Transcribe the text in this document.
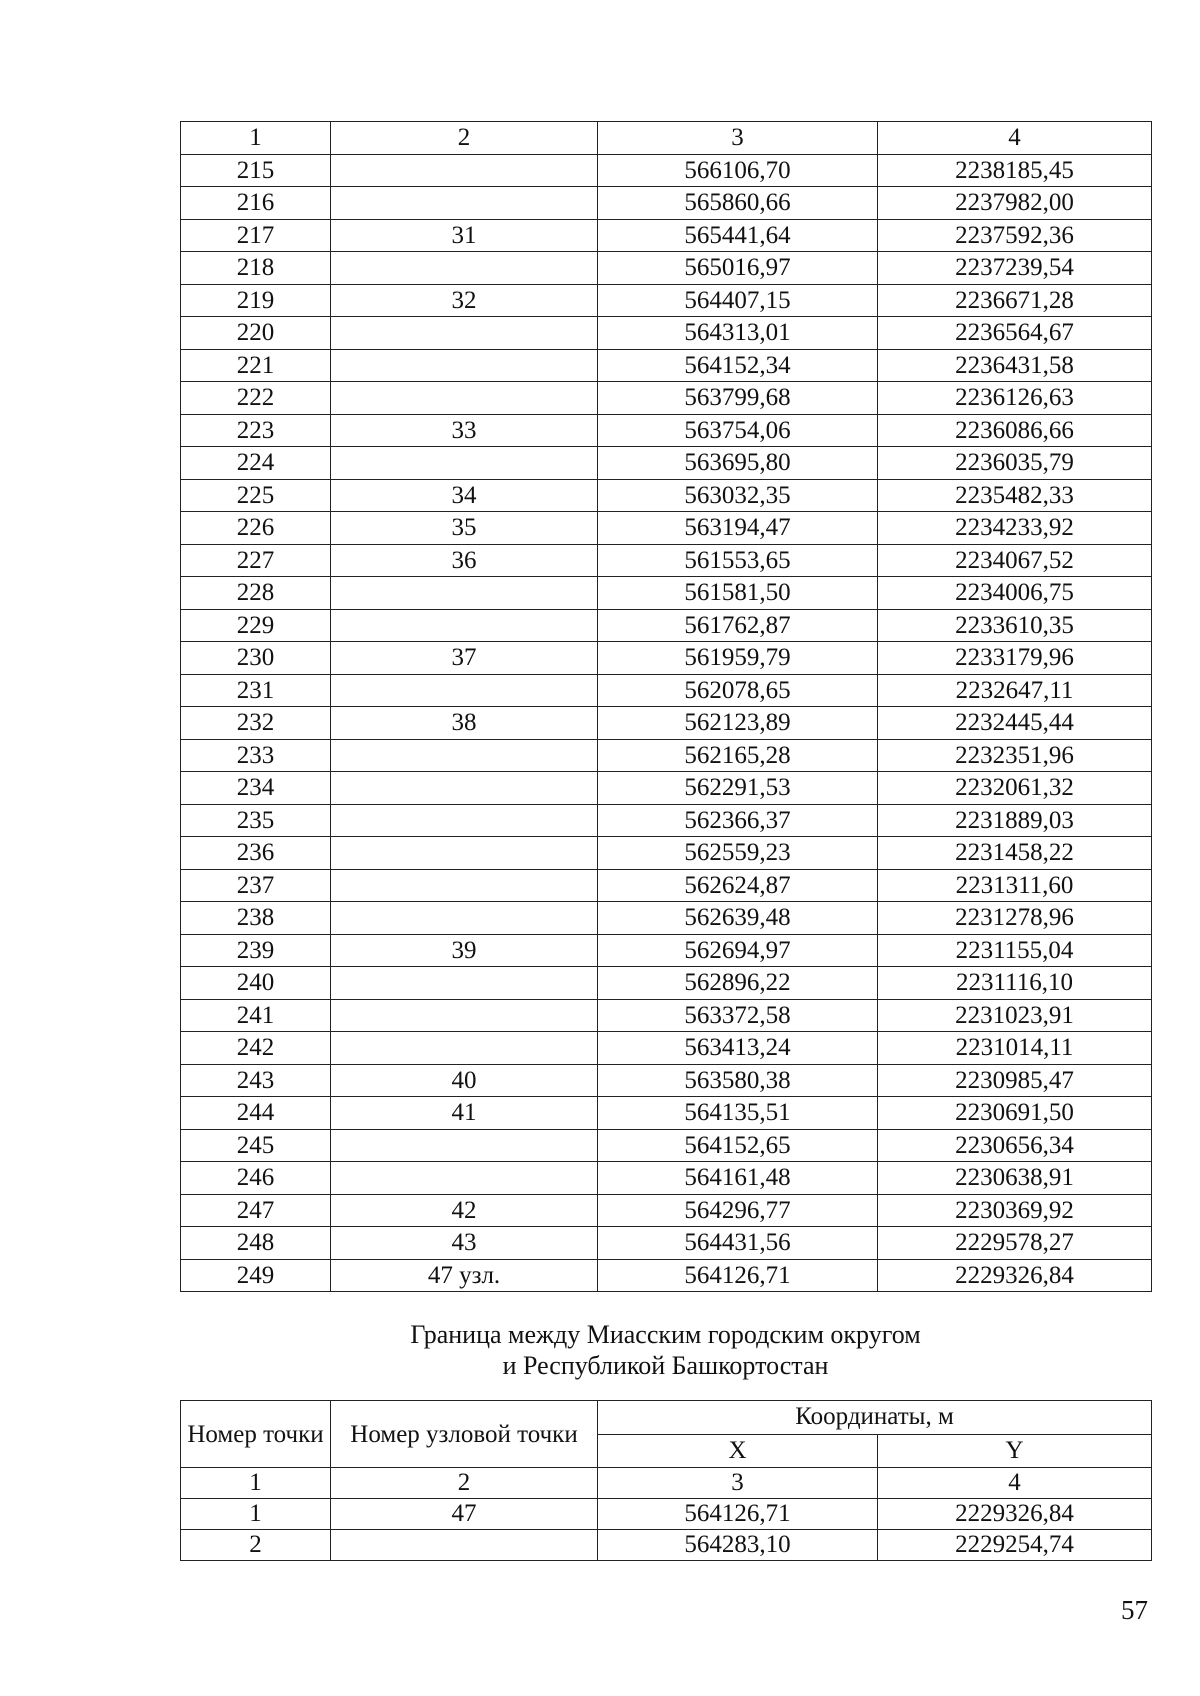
1	2	3	4
215		566106,70	2238185,45
216		565860,66	2237982,00
217	31	565441,64	2237592,36
218		565016,97	2237239,54
219	32	564407,15	2236671,28
220		564313,01	2236564,67
221		564152,34	2236431,58
222		563799,68	2236126,63
223	33	563754,06	2236086,66
224		563695,80	2236035,79
225	34	563032,35	2235482,33
226	35	563194,47	2234233,92
227	36	561553,65	2234067,52
228		561581,50	2234006,75
229		561762,87	2233610,35
230	37	561959,79	2233179,96
231		562078,65	2232647,11
232	38	562123,89	2232445,44
233		562165,28	2232351,96
234		562291,53	2232061,32
235		562366,37	2231889,03
236		562559,23	2231458,22
237		562624,87	2231311,60
238		562639,48	2231278,96
239	39	562694,97	2231155,04
240		562896,22	2231116,10
241		563372,58	2231023,91
242		563413,24	2231014,11
243	40	563580,38	2230985,47
244	41	564135,51	2230691,50
245		564152,65	2230656,34
246		564161,48	2230638,91
247	42	564296,77	2230369,92
248	43	564431,56	2229578,27
249	47 узл.	564126,71	2229326,84
Граница между Миасским городским округом
и Республикой Башкортостан
Номер точки	Номер узловой точки	Координаты, м	
		X	Y
1	2	3	4
1	47	564126,71	2229326,84
2		564283,10	2229254,74
57
